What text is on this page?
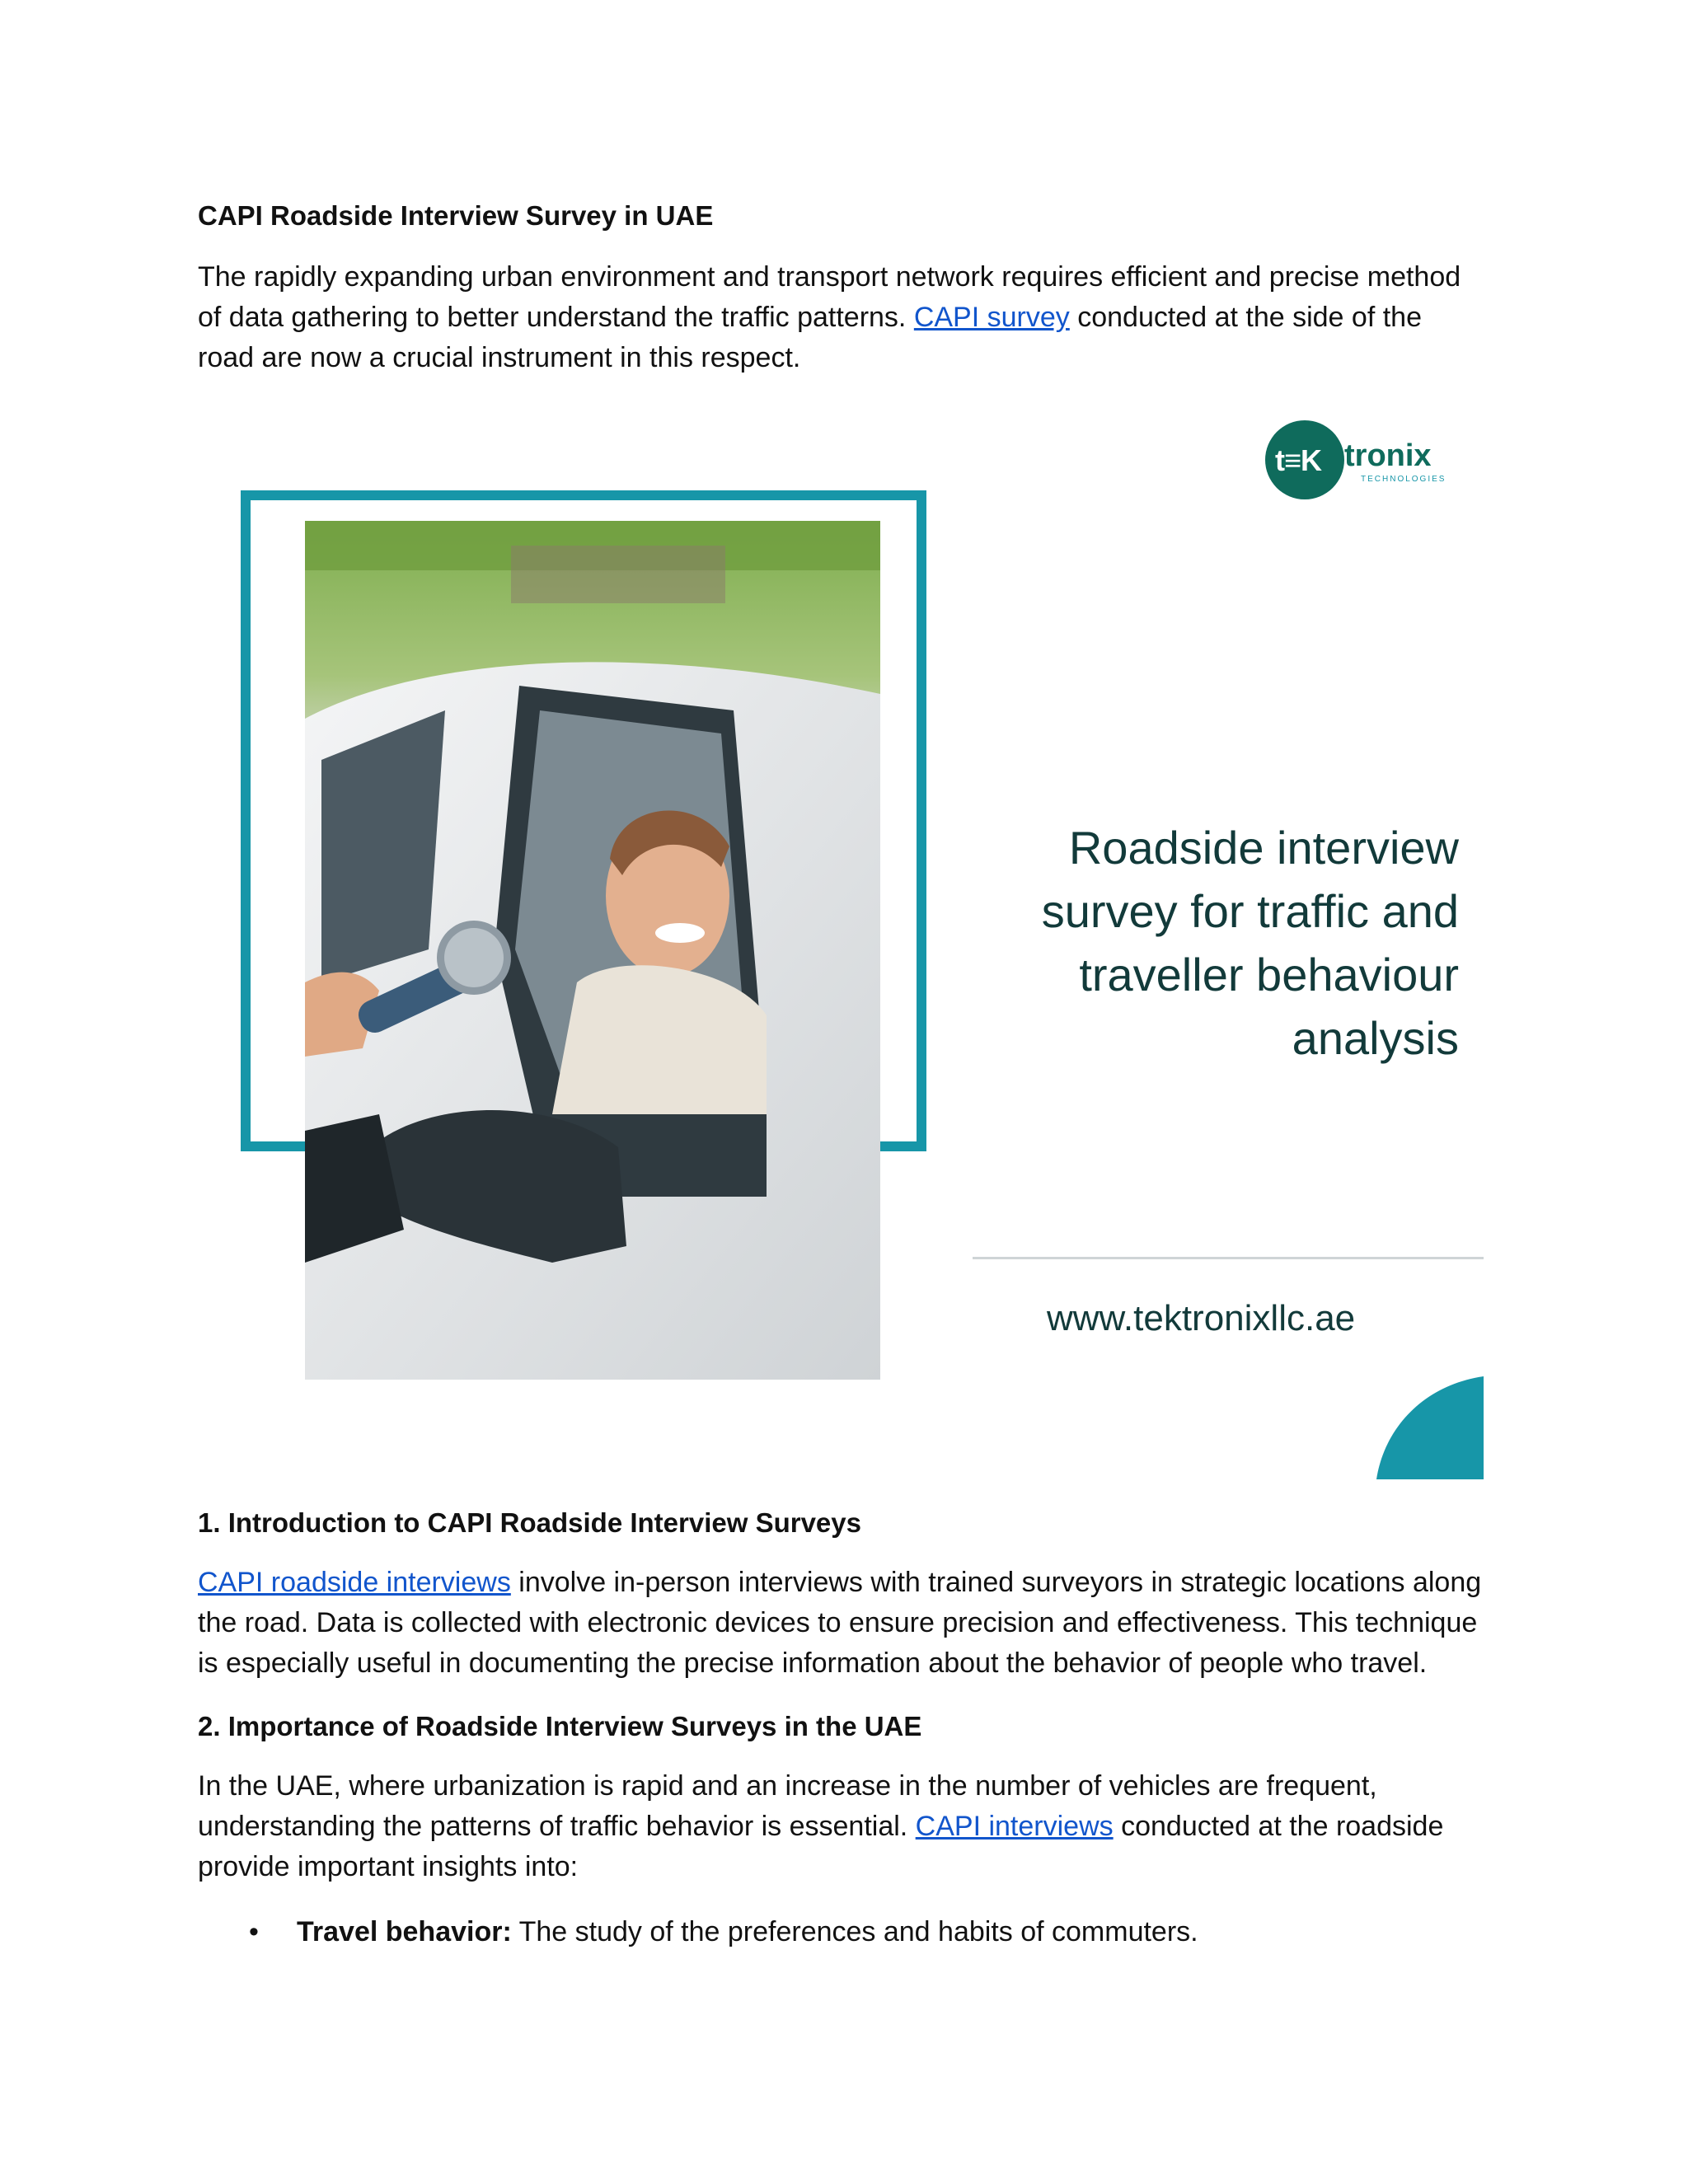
CAPI Roadside Interview Survey in UAE

The rapidly expanding urban environment and transport network requires efficient and precise method of data gathering to better understand the traffic patterns. CAPI survey conducted at the side of the road are now a crucial instrument in this respect.

t≡K tronix
TECHNOLOGIES
Roadside interview
survey for traffic and
traveller behaviour
analysis
www.tektronixllc.ae
1. Introduction to CAPI Roadside Interview Surveys

CAPI roadside interviews involve in-person interviews with trained surveyors in strategic locations along the road. Data is collected with electronic devices to ensure precision and effectiveness. This technique is especially useful in documenting the precise information about the behavior of people who travel.

2. Importance of Roadside Interview Surveys in the UAE

In the UAE, where urbanization is rapid and an increase in the number of vehicles are frequent, understanding the patterns of traffic behavior is essential. CAPI interviews conducted at the roadside provide important insights into:

• Travel behavior: The study of the preferences and habits of commuters.
